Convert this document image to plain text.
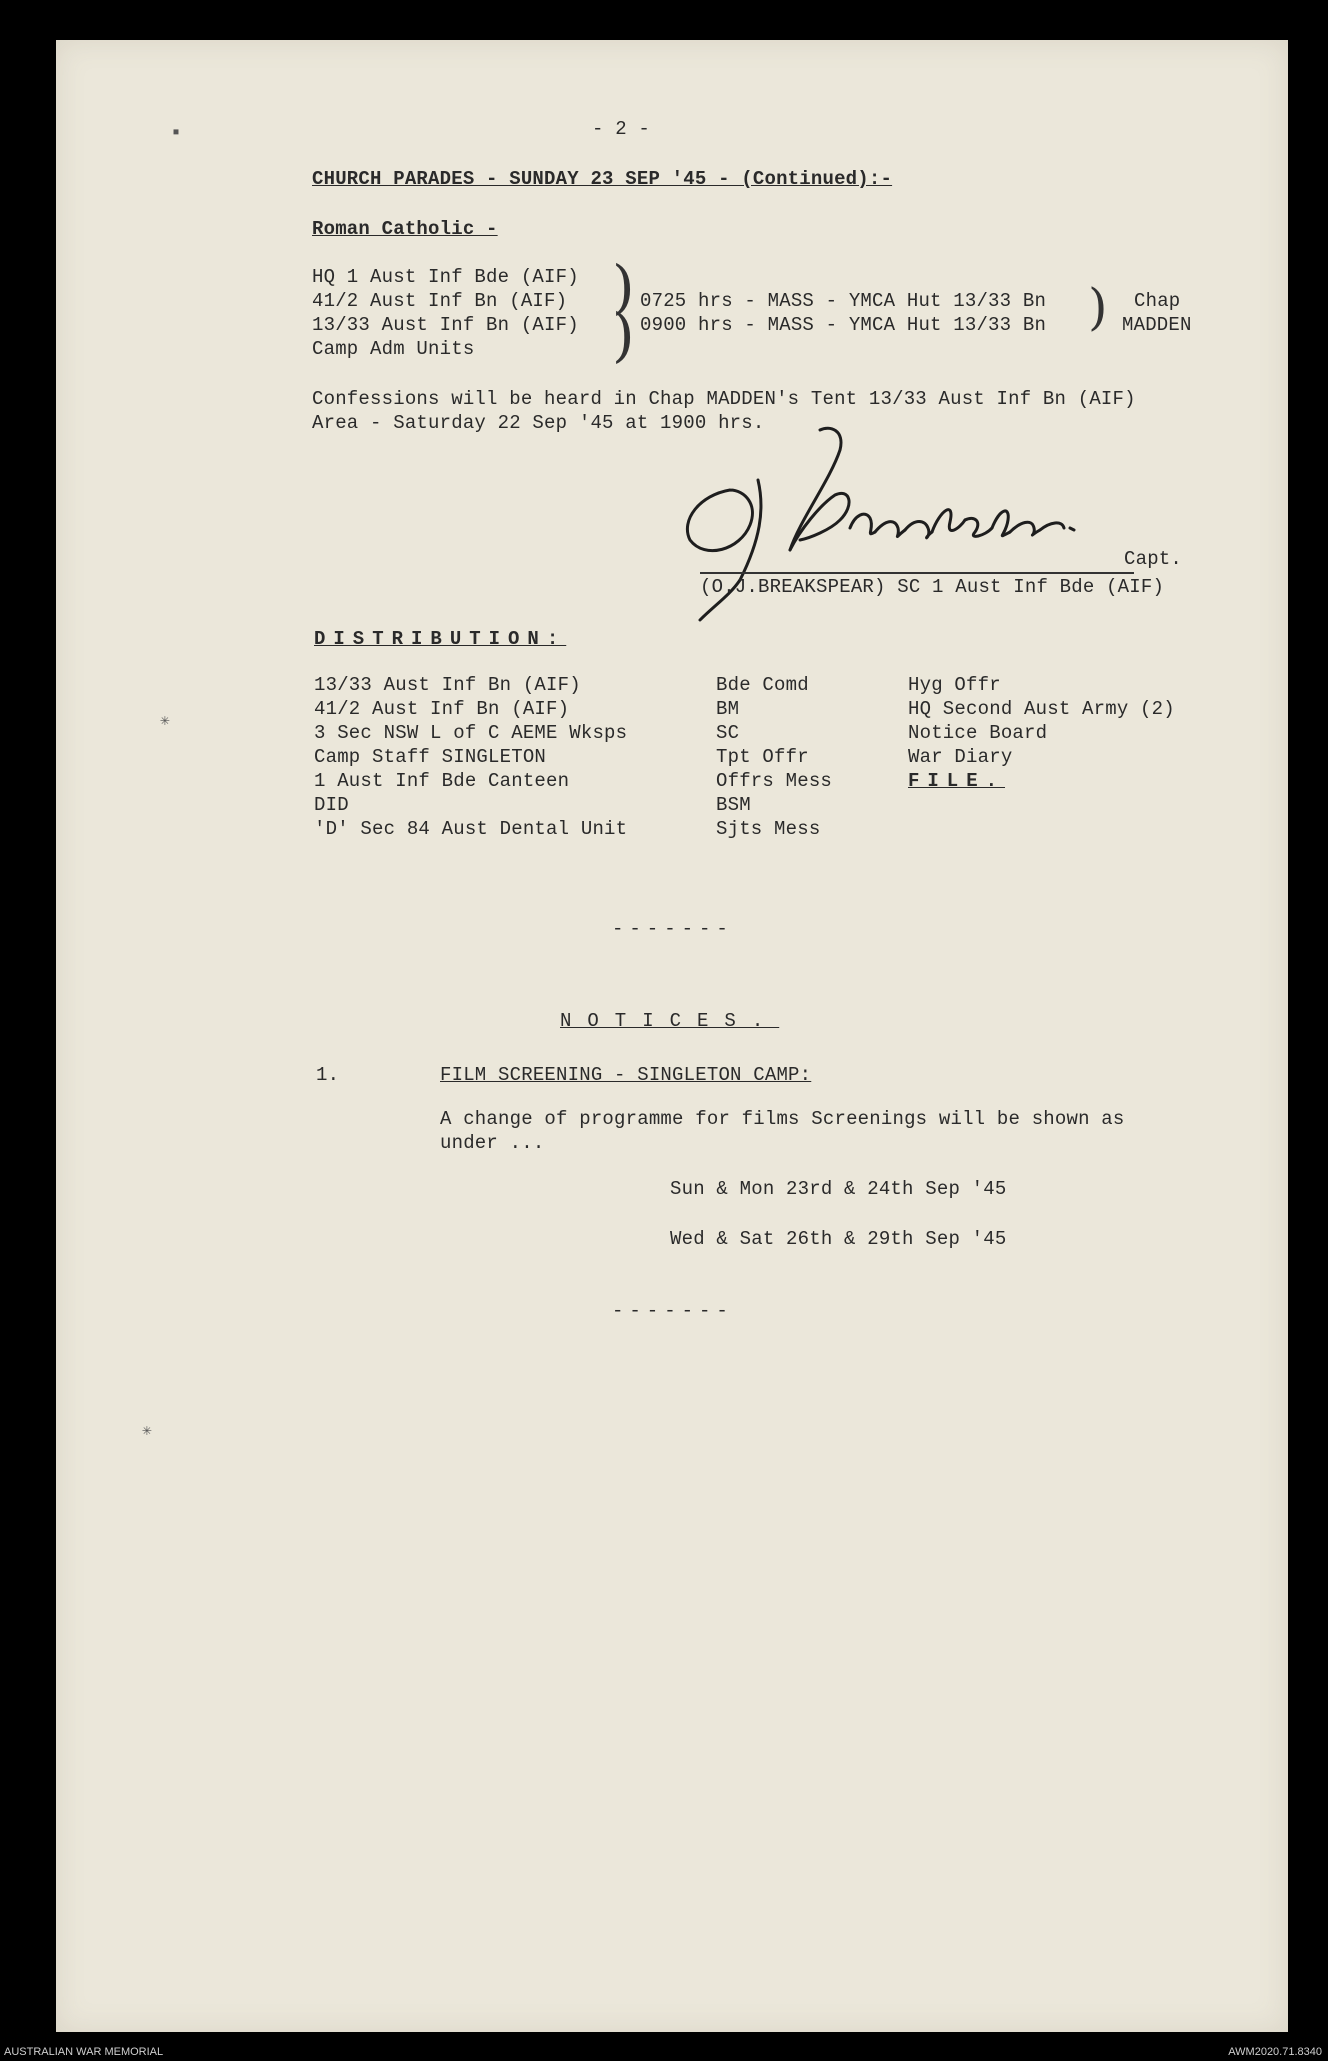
▪
✳
✳
- 2 -
CHURCH PARADES - SUNDAY 23 SEP '45 - (Continued):-
Roman Catholic -
HQ 1 Aust Inf Bde (AIF)
41/2 Aust Inf Bn (AIF)
13/33 Aust Inf Bn (AIF)
Camp Adm Units
)
) 0725 hrs - MASS - YMCA Hut 13/33 Bn
0900 hrs - MASS - YMCA Hut 13/33 Bn ) Chap
MADDEN
Confessions will be heard in Chap MADDEN's Tent 13/33 Aust Inf Bn (AIF)
Area - Saturday 22 Sep '45 at 1900 hrs.
Capt.
(O.J.BREAKSPEAR) SC 1 Aust Inf Bde (AIF)
DISTRIBUTION:
13/33 Aust Inf Bn (AIF)
41/2 Aust Inf Bn (AIF)
3 Sec NSW L of C AEME Wksps
Camp Staff SINGLETON
1 Aust Inf Bde Canteen
DID
'D' Sec 84 Aust Dental Unit
Bde Comd
BM
SC
Tpt Offr
Offrs Mess
BSM
Sjts Mess
Hyg Offr
HQ Second Aust Army (2)
Notice Board
War Diary
FILE.
-------
NOTICES.
1.	FILM SCREENING - SINGLETON CAMP:
A change of programme for films Screenings will be shown as
under ...
Sun & Mon 23rd & 24th Sep '45
Wed & Sat 26th & 29th Sep '45
-------
AUSTRALIAN WAR MEMORIAL	AWM2020.71.8340
